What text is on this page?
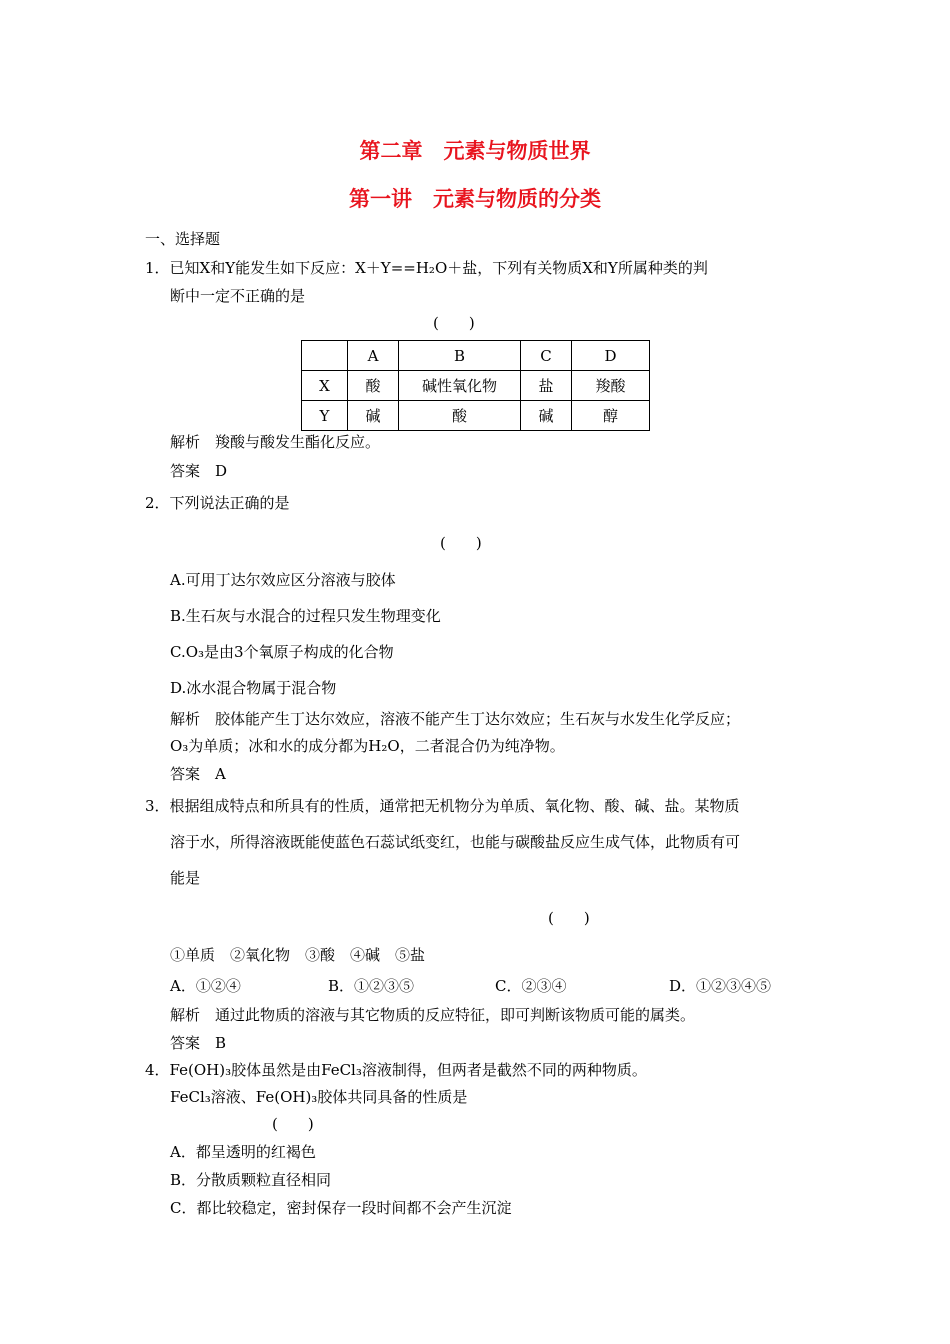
第二章　元素与物质世界
第一讲　元素与物质的分类
一、选择题
1．已知X和Y能发生如下反应：X＋Y==H₂O＋盐，下列有关物质X和Y所属种类的判
断中一定不正确的是
(　　)
	A	B	C	D
X	酸	碱性氧化物	盐	羧酸
Y	碱	酸	碱	醇
解析　羧酸与酸发生酯化反应。
答案　D
2．下列说法正确的是
(　　)
A.可用丁达尔效应区分溶液与胶体
B.生石灰与水混合的过程只发生物理变化
C.O₃是由3个氧原子构成的化合物
D.冰水混合物属于混合物
解析　胶体能产生丁达尔效应，溶液不能产生丁达尔效应；生石灰与水发生化学反应；
O₃为单质；冰和水的成分都为H₂O，二者混合仍为纯净物。
答案　A
3．根据组成特点和所具有的性质，通常把无机物分为单质、氧化物、酸、碱、盐。某物质
溶于水，所得溶液既能使蓝色石蕊试纸变红，也能与碳酸盐反应生成气体，此物质有可
能是
(　　)
①单质　②氧化物　③酸　④碱　⑤盐
A．①②④	B．①②③⑤	C．②③④	D．①②③④⑤
解析　通过此物质的溶液与其它物质的反应特征，即可判断该物质可能的属类。
答案　B
4．Fe(OH)₃胶体虽然是由FeCl₃溶液制得，但两者是截然不同的两种物质。
FeCl₃溶液、Fe(OH)₃胶体共同具备的性质是
(　　)
A．都呈透明的红褐色
B．分散质颗粒直径相同
C．都比较稳定，密封保存一段时间都不会产生沉淀
